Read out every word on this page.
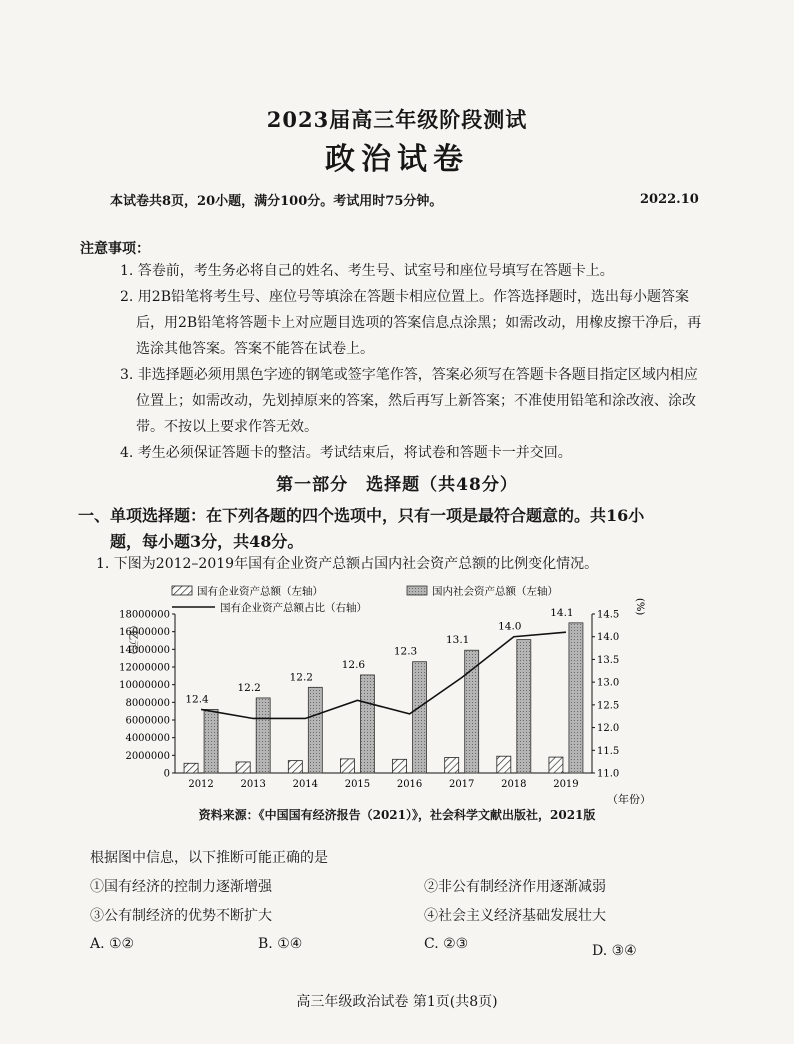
2023届高三年级阶段测试
政治试卷
本试卷共8页，20小题，满分100分。考试用时75分钟。	2022.10
注意事项：

1. 答卷前，考生务必将自己的姓名、考生号、试室号和座位号填写在答题卡上。

2. 用2B铅笔将考生号、座位号等填涂在答题卡相应位置上。作答选择题时，选出每小题答案后，用2B铅笔将答题卡上对应题目选项的答案信息点涂黑；如需改动，用橡皮擦干净后，再选涂其他答案。答案不能答在试卷上。

3. 非选择题必须用黑色字迹的钢笔或签字笔作答，答案必须写在答题卡各题目指定区域内相应位置上；如需改动，先划掉原来的答案，然后再写上新答案；不准使用铅笔和涂改液、涂改带。不按以上要求作答无效。

4. 考生必须保证答题卡的整洁。考试结束后，将试卷和答题卡一并交回。

第一部分　选择题（共48分）
一、单项选择题：在下列各题的四个选项中，只有一项是最符合题意的。共16小
题，每小题3分，共48分。
1. 下图为2012–2019年国有企业资产总额占国内社会资产总额的比例变化情况。
国有企业资产总额（左轴）	国内社会资产总额（左轴）
国有企业资产总额占比（右轴）
0
2000000
4000000
6000000
8000000
10000000
12000000
14000000
16000000
18000000
11.0
11.5
12.0
12.5
13.0
13.5
14.0
14.5
（亿元）
(%)
（年份）
2012	2013	2014	2015	2016	2017	2018	2019
12.4
12.2
12.2
12.6
12.3
13.1
14.0
14.1
资料来源：《中国国有经济报告（2021）》，社会科学文献出版社，2021版
根据图中信息，以下推断可能正确的是
①国有经济的控制力逐渐增强	②非公有制经济作用逐渐减弱
③公有制经济的优势不断扩大	④社会主义经济基础发展壮大
A. ①②	B. ①④	C. ②③	D. ③④
高三年级政治试卷 第1页(共8页)
